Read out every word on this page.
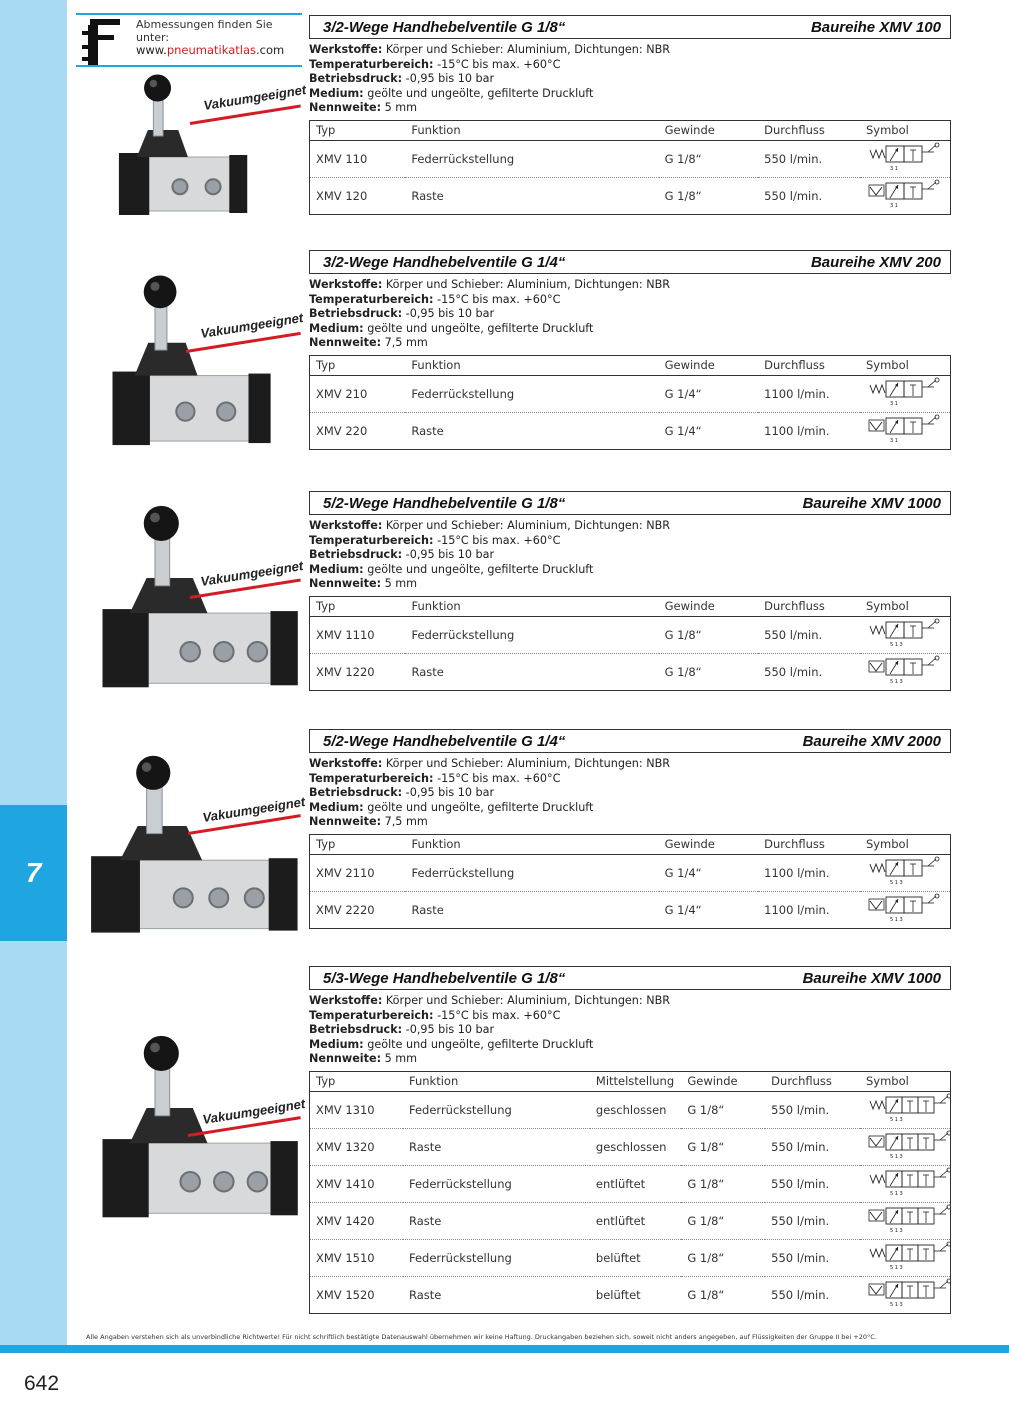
7
Abmessungen finden Sie
unter:
www.pneumatikatlas.com
Vakuumgeeignet
Vakuumgeeignet
Vakuumgeeignet
Vakuumgeeignet
Vakuumgeeignet
3/2-Wege Handhebelventile G 1/8“	Baureihe XMV 100
Werkstoffe: Körper und Schieber: Aluminium, Dichtungen: NBR
Temperaturbereich: -15°C bis max. +60°C
Betriebsdruck: -0,95 bis 10 bar
Medium: geölte und ungeölte, gefilterte Druckluft
Nennweite: 5 mm
Typ	Funktion	Gewinde	Durchfluss	Symbol
XMV 110	Federrückstellung	G 1/8“	550 l/min.	3 1

XMV 120	Raste	G 1/8“	550 l/min.	3 1
3/2-Wege Handhebelventile G 1/4“	Baureihe XMV 200
Werkstoffe: Körper und Schieber: Aluminium, Dichtungen: NBR
Temperaturbereich: -15°C bis max. +60°C
Betriebsdruck: -0,95 bis 10 bar
Medium: geölte und ungeölte, gefilterte Druckluft
Nennweite: 7,5 mm
Typ	Funktion	Gewinde	Durchfluss	Symbol
XMV 210	Federrückstellung	G 1/4“	1100 l/min.	3 1

XMV 220	Raste	G 1/4“	1100 l/min.	3 1
5/2-Wege Handhebelventile G 1/8“	Baureihe XMV 1000
Werkstoffe: Körper und Schieber: Aluminium, Dichtungen: NBR
Temperaturbereich: -15°C bis max. +60°C
Betriebsdruck: -0,95 bis 10 bar
Medium: geölte und ungeölte, gefilterte Druckluft
Nennweite: 5 mm
Typ	Funktion	Gewinde	Durchfluss	Symbol
XMV 1110	Federrückstellung	G 1/8“	550 l/min.	5 1 3

XMV 1220	Raste	G 1/8“	550 l/min.	5 1 3
5/2-Wege Handhebelventile G 1/4“	Baureihe XMV 2000
Werkstoffe: Körper und Schieber: Aluminium, Dichtungen: NBR
Temperaturbereich: -15°C bis max. +60°C
Betriebsdruck: -0,95 bis 10 bar
Medium: geölte und ungeölte, gefilterte Druckluft
Nennweite: 7,5 mm
Typ	Funktion	Gewinde	Durchfluss	Symbol
XMV 2110	Federrückstellung	G 1/4“	1100 l/min.	5 1 3

XMV 2220	Raste	G 1/4“	1100 l/min.	5 1 3
5/3-Wege Handhebelventile G 1/8“	Baureihe XMV 1000
Werkstoffe: Körper und Schieber: Aluminium, Dichtungen: NBR
Temperaturbereich: -15°C bis max. +60°C
Betriebsdruck: -0,95 bis 10 bar
Medium: geölte und ungeölte, gefilterte Druckluft
Nennweite: 5 mm
Typ	Funktion	Mittelstellung	Gewinde	Durchfluss	Symbol
XMV 1310	Federrückstellung	geschlossen	G 1/8“	550 l/min.	5 1 3

XMV 1320	Raste	geschlossen	G 1/8“	550 l/min.	5 1 3

XMV 1410	Federrückstellung	entlüftet	G 1/8“	550 l/min.	5 1 3

XMV 1420	Raste	entlüftet	G 1/8“	550 l/min.	5 1 3

XMV 1510	Federrückstellung	belüftet	G 1/8“	550 l/min.	5 1 3

XMV 1520	Raste	belüftet	G 1/8“	550 l/min.	5 1 3
Alle Angaben verstehen sich als unverbindliche Richtwerte! Für nicht schriftlich bestätigte Datenauswahl übernehmen wir keine Haftung. Druckangaben beziehen sich, soweit nicht anders angegeben, auf Flüssigkeiten der Gruppe II bei +20°C.
642
